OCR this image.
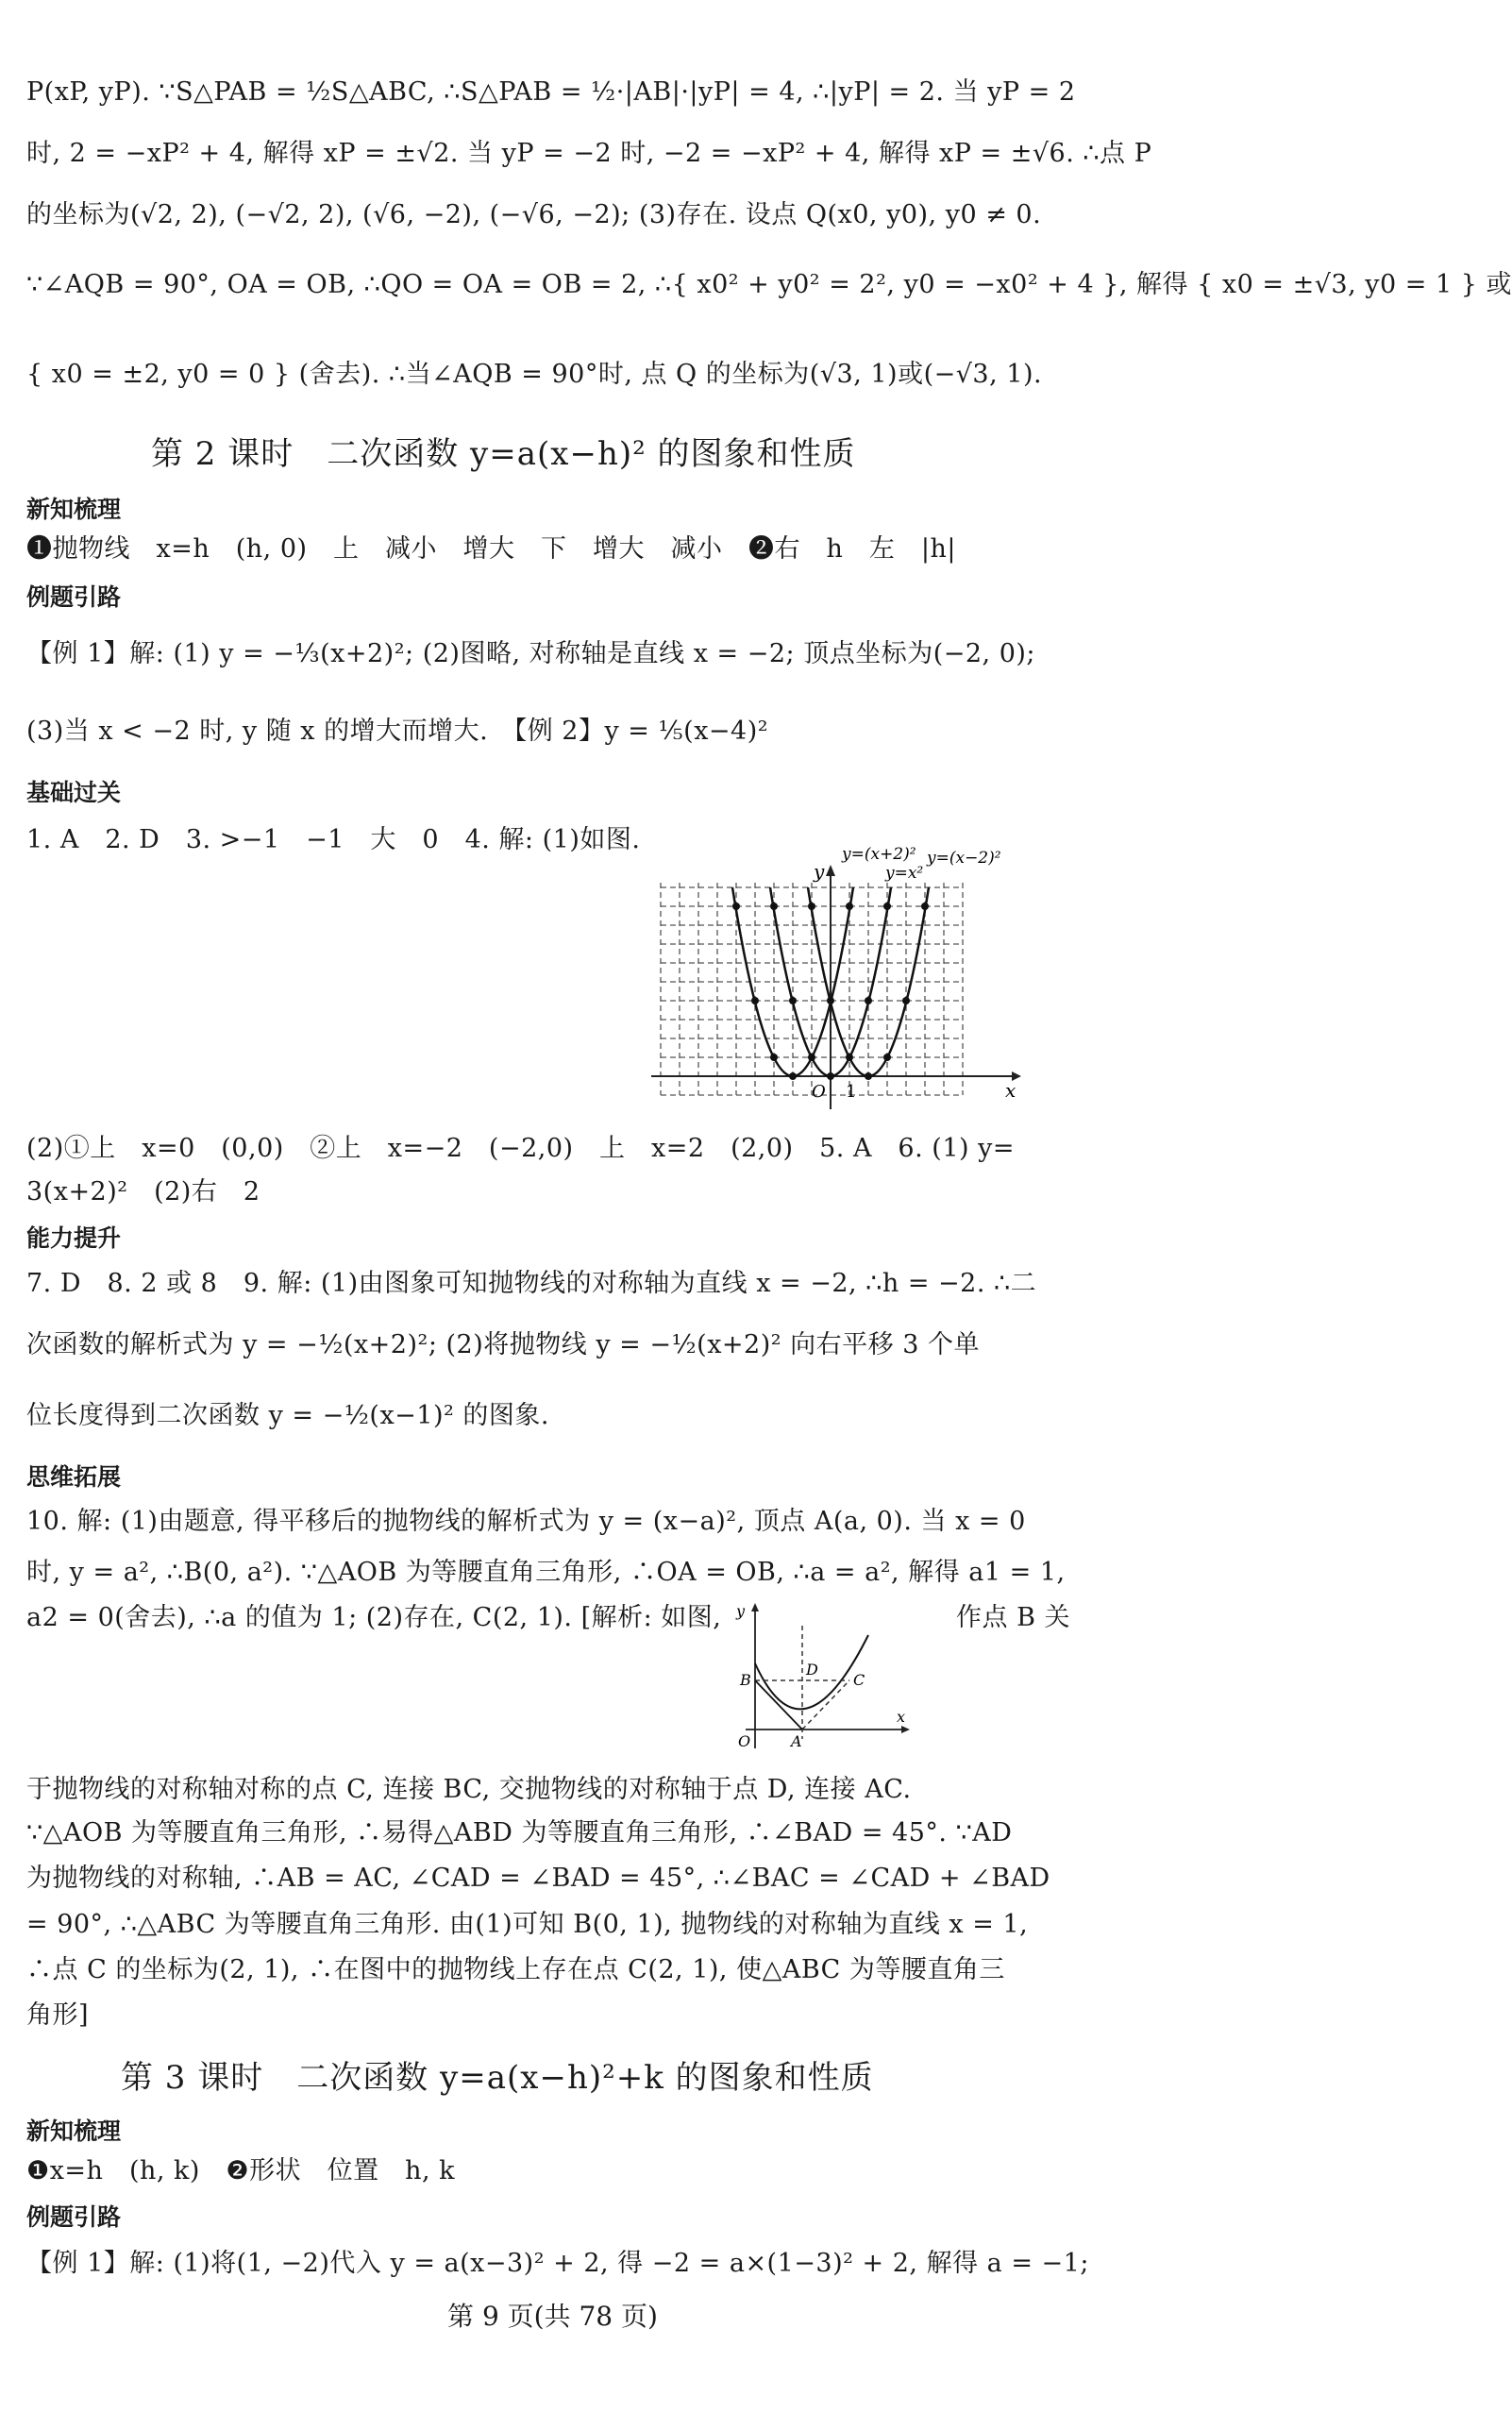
P(xP, yP). ∵S△PAB = ½S△ABC, ∴S△PAB = ½·|AB|·|yP| = 4, ∴|yP| = 2. 当 yP = 2
时, 2 = −xP² + 4, 解得 xP = ±√2. 当 yP = −2 时, −2 = −xP² + 4, 解得 xP = ±√6. ∴点 P
的坐标为(√2, 2), (−√2, 2), (√6, −2), (−√6, −2); (3)存在. 设点 Q(x0, y0), y0 ≠ 0.
∵∠AQB = 90°, OA = OB, ∴QO = OA = OB = 2, ∴{ x0² + y0² = 2², y0 = −x0² + 4 }, 解得 { x0 = ±√3, y0 = 1 } 或
{ x0 = ±2, y0 = 0 } (舍去). ∴当∠AQB = 90°时, 点 Q 的坐标为(√3, 1)或(−√3, 1).
第 2 课时　二次函数 y=a(x−h)² 的图象和性质
新知梳理
❶抛物线　x=h　(h, 0)　上　减小　增大　下　增大　减小　❷右　h　左　|h|
例题引路
【例 1】解: (1) y = −⅓(x+2)²; (2)图略, 对称轴是直线 x = −2; 顶点坐标为(−2, 0);
(3)当 x < −2 时, y 随 x 的增大而增大.　【例 2】y = ⅕(x−4)²
基础过关
1. A　2. D　3. >−1　−1　大　0　4. 解: (1)如图.
x
y
O 1
y=(x+2)²
y=x²
y=(x−2)²
(2)①上　x=0　(0,0)　②上　x=−2　(−2,0)　上　x=2　(2,0)　5. A　6. (1) y=
3(x+2)²　(2)右　2
能力提升
7. D　8. 2 或 8　9. 解: (1)由图象可知抛物线的对称轴为直线 x = −2, ∴h = −2. ∴二
次函数的解析式为 y = −½(x+2)²; (2)将抛物线 y = −½(x+2)² 向右平移 3 个单
位长度得到二次函数 y = −½(x−1)² 的图象.
思维拓展
10. 解: (1)由题意, 得平移后的抛物线的解析式为 y = (x−a)², 顶点 A(a, 0). 当 x = 0
时, y = a², ∴B(0, a²). ∵△AOB 为等腰直角三角形, ∴OA = OB, ∴a = a², 解得 a1 = 1,
a2 = 0(舍去), ∴a 的值为 1; (2)存在, C(2, 1). [解析: 如图,	作点 B 关
y
x
O
B
D
C
A
于抛物线的对称轴对称的点 C, 连接 BC, 交抛物线的对称轴于点 D, 连接 AC.
∵△AOB 为等腰直角三角形, ∴易得△ABD 为等腰直角三角形, ∴∠BAD = 45°. ∵AD
为抛物线的对称轴, ∴AB = AC, ∠CAD = ∠BAD = 45°, ∴∠BAC = ∠CAD + ∠BAD
= 90°, ∴△ABC 为等腰直角三角形. 由(1)可知 B(0, 1), 抛物线的对称轴为直线 x = 1,
∴点 C 的坐标为(2, 1), ∴在图中的抛物线上存在点 C(2, 1), 使△ABC 为等腰直角三
角形]
第 3 课时　二次函数 y=a(x−h)²+k 的图象和性质
新知梳理
❶x=h　(h, k)　❷形状　位置　h, k
例题引路
【例 1】解: (1)将(1, −2)代入 y = a(x−3)² + 2, 得 −2 = a×(1−3)² + 2, 解得 a = −1;
第 9 页(共 78 页)
